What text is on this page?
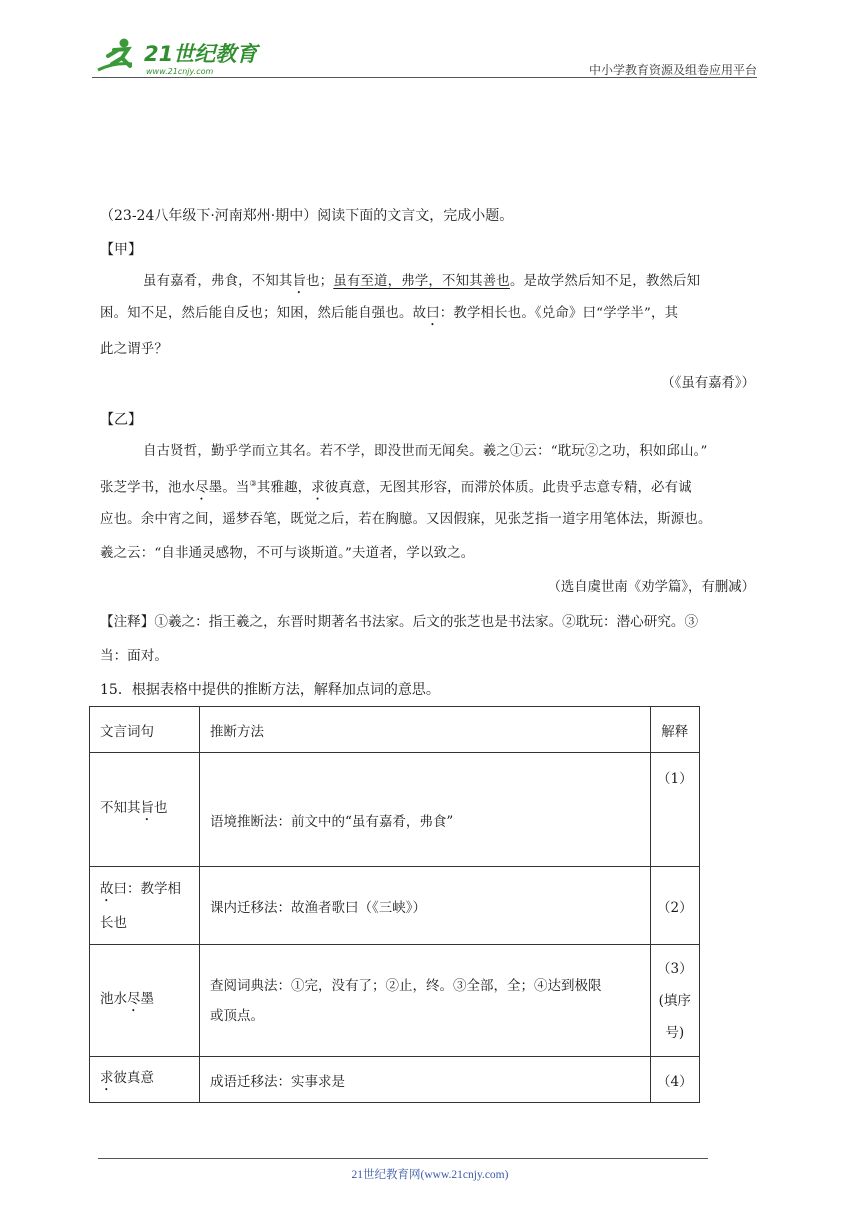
21世纪教育
www.21cnjy.com	中小学教育资源及组卷应用平台
（23-24八年级下·河南郑州·期中）阅读下面的文言文，完成小题。
【甲】
虽有嘉肴，弗食，不知其旨也；虽有至道，弗学，不知其善也。是故学然后知不足，教然后知
困。知不足，然后能自反也；知困，然后能自强也。故曰：教学相长也。《兑命》曰“学学半”，其
此之谓乎？
（《虽有嘉肴》）
【乙】
自古贤哲，勤乎学而立其名。若不学，即没世而无闻矣。羲之①云：“耽玩②之功，积如邱山。”
张芝学书，池水尽墨。当③其雅趣，求彼真意，无图其形容，而滞於体质。此贵乎志意专精，必有诚
应也。余中宵之间，遥梦吞笔，既觉之后，若在胸臆。又因假寐，见张芝指一道字用笔体法，斯源也。
羲之云：“自非通灵感物，不可与谈斯道。”夫道者，学以致之。
（选自虞世南《劝学篇》，有删减）
【注释】①羲之：指王羲之，东晋时期著名书法家。后文的张芝也是书法家。②耽玩：潜心研究。③
当：面对。
15．根据表格中提供的推断方法，解释加点词的意思。
文言词句	推断方法	解释
不知其旨也	语境推断法：前文中的“虽有嘉肴，弗食”	（1）
故曰：教学相
长也	课内迁移法：故渔者歌曰（《三峡》）	（2）
池水尽墨	查阅词典法：①完，没有了；②止，终。③全部，全；④达到极限
或顶点。	（3）
(填序
号)
求彼真意	成语迁移法：实事求是	（4）
21世纪教育网(www.21cnjy.com)
